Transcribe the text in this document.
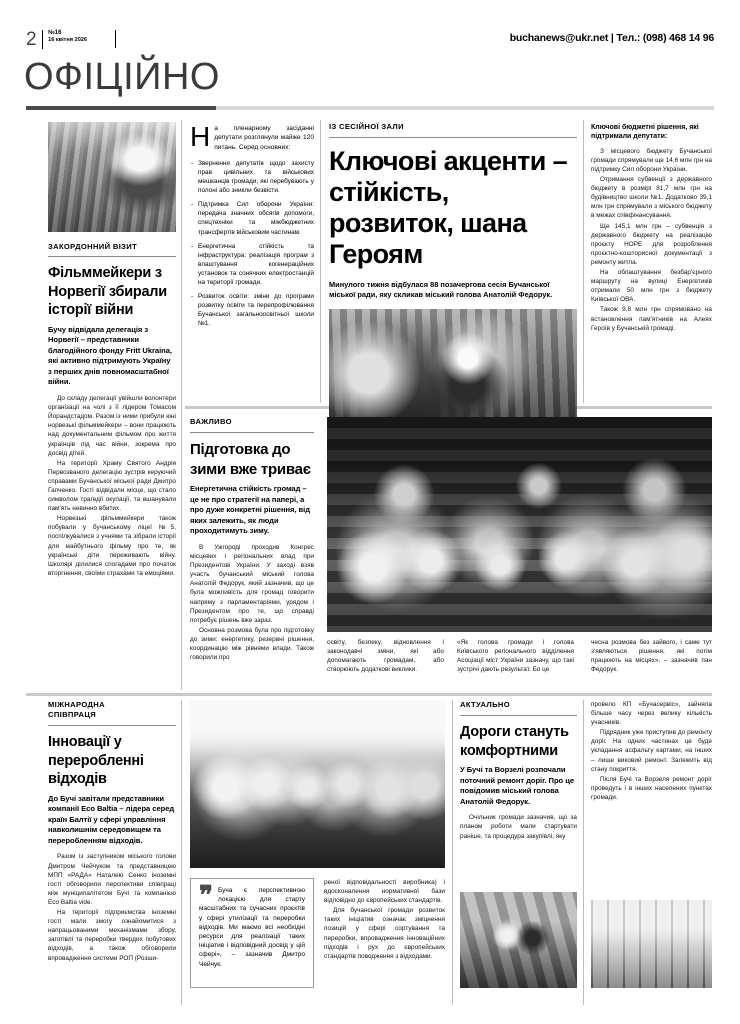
2 №16
16 квітня 2026	buchanews@ukr.net | Тел.: (098) 468 14 96
ОФІЦІЙНО
ЗАКОРДОННИЙ ВІЗИТ
Фільммейкери з Норвегії збирали історії війни
Бучу відвідала делегація з Норвегії – представники благодійного фонду Fritt Ukraina, які активно підтримують Україну з перших днів повномасштабної війни.

До складу делегації увійшли волонтери організації на чолі з її лідером Томасом Йорандстадом. Разом із ними прибули юні норвезькі фільммейкери – вони працюють над документальним фільмом про життя українців під час війни, зокрема про досвід дітей.

На території Храму Святого Андрія Первозваного делегацію зустрів керуючий справами Бучанської міської ради Дмитро Гапченко. Гості відвідали місце, що стало символом трагедії окупації, та вшанували пам'ять невинно вбитих.

Норвезькі фільммейкери також побували у бучанському ліцеї №5, поспілкувалися з учнями та зібрали історії для майбутнього фільму про те, як українські діти переживають війну. Школярі ділилися спогадами про початок вторгнення, своїми страхами та емоціями.

Н а пленарному засіданні депутати розглянули майже 120 питань. Серед основних:
- Звернення депутатів щодо захисту прав цивільних та військових мешканців громади, які перебувають у полоні або зникли безвісти.
- Підтримка Сил оборони України: передача значних обсягів допомоги, спецтехніки та міжбюджетних трансфертів військовим частинам.
- Енергетична стійкість та інфраструктура: реалізація програм з влаштування когенераційних установок та сонячних електростанцій на території громади.
- Розвиток освіти: зміни до програми розвитку освіти та перепрофілювання Бучанської загальноосвітньої школи №1.
ІЗ СЕСІЙНОЇ ЗАЛИ
Ключові акценти – стійкість, розвиток, шана Героям
Минулого тижня відбулася 88 позачергова сесія Бучанської міської ради, яку скликав міський голова Анатолій Федорук.
Ключові бюджетні рішення, які підтримали депутати:

З місцевого бюджету Бучанської громади спрямували ще 14,6 млн грн на підтримку Сил оборони України.

Отримання субвенції з державного бюджету в розмірі 81,7 млн грн на будівництво школи №1. Додатково 39,1 млн грн спрямували з міського бюджету в межах співфінансування.

Ще 145,1 млн грн – субвенція з державного бюджету на реалізацію проєкту НОРЕ для розроблення проєктно-кошторисної документації з ремонту житла.

На облаштування безбар'єрного маршруту на вулиці Енергетиків отримали 50 млн грн з бюджету Київської ОВА.

Також 9,8 млн грн спрямовано на встановлення пам'ятників на Алеях Героїв у Бучанській громаді.

ВАЖЛИВО
Підготовка до зими вже триває
Енергетична стійкість громад – це не про стратегії на папері, а про дуже конкретні рішення, від яких залежить, як люди проходитимуть зиму.

В Ужгороді проходив Конгрес місцевих і регіональних влад при Президентові України. У заході взяв участь бучанський міський голова Анатолій Федорук, який зазначив, що це була можливість для громад говорити напряму з парламентаріями, урядом і Президентом про те, що справді потребує рішень вже зараз.

Основна розмова була про підготовку до зими: енергетику, резервні рішення, координацію між рівнями влади. Також говорили про

освіту, безпеку, відновлення і законодавчі зміни, які або допомагають громадам, або створюють додаткові виклики.

«Як голова громади і голова Київського регіонального відділення Асоціації міст України зазначу, що такі зустрічі дають результат. Бо це

чесна розмова без зайвого, і саме тут з'являються рішення, які потім працюють на місцях», – зазначив пан Федорук.

МІЖНАРОДНА
СПІВПРАЦЯ
Інновації у переробленні відходів
До Бучі завітали представники компанії Eco Baltia – лідера серед країн Балтії у сфері управління навколишнім середовищем та переробленням відходів.

Разом із заступником міського голови Дмитром Чейчуком та представницею МПП «РАДА» Наталею Сенко іноземні гості обговорили перспективи співпраці між муніципалітетом Бучі та компанією Eco Baltia vide.

На території підприємства іноземні гості мали змогу ознайомитися з напрацьованими механізмами збору, заготівлі та переробки твердих побутових відходів, а також обговорили впровадження системи РОП (Розши-

❞ Буча є перспективною локацією для старту масштабних та сучасних проєктів у сфері утилізації та переробки відходів. Ми маємо всі необхідні ресурси для реалізації таких ініціатив і відповідний досвід у цій сфері», – зазначив Дмитро Чейчук.

реної відповідальності виробника) і вдосконалення нормативної бази відповідно до європейських стандартів.

Для бучанської громади розвиток таких ініціатив означає зміцнення позицій у сфері сортування та переробки, впровадження інноваційних підходів і рух до європейських стандартів поводження з відходами.

АКТУАЛЬНО
Дороги стануть комфортними
У Бучі та Ворзелі розпочали поточний ремонт доріг. Про це повідомив міський голова Анатолій Федорук.

Очільник громади зазначив, що за планом роботи мали стартувати раніше, та процедура закупівлі, яку

провело КП «Бучасервіс», зайняла більше часу через велику кількість учасників.

Підрядник уже приступив до ремонту доріг. На одних частинах це буде укладання асфальту картами, на інших – лише виковий ремонт. Залежить від стану покриття.

Після Бучі та Ворзеля ремонт доріг проведуть і в інших населених пунктах громади.
